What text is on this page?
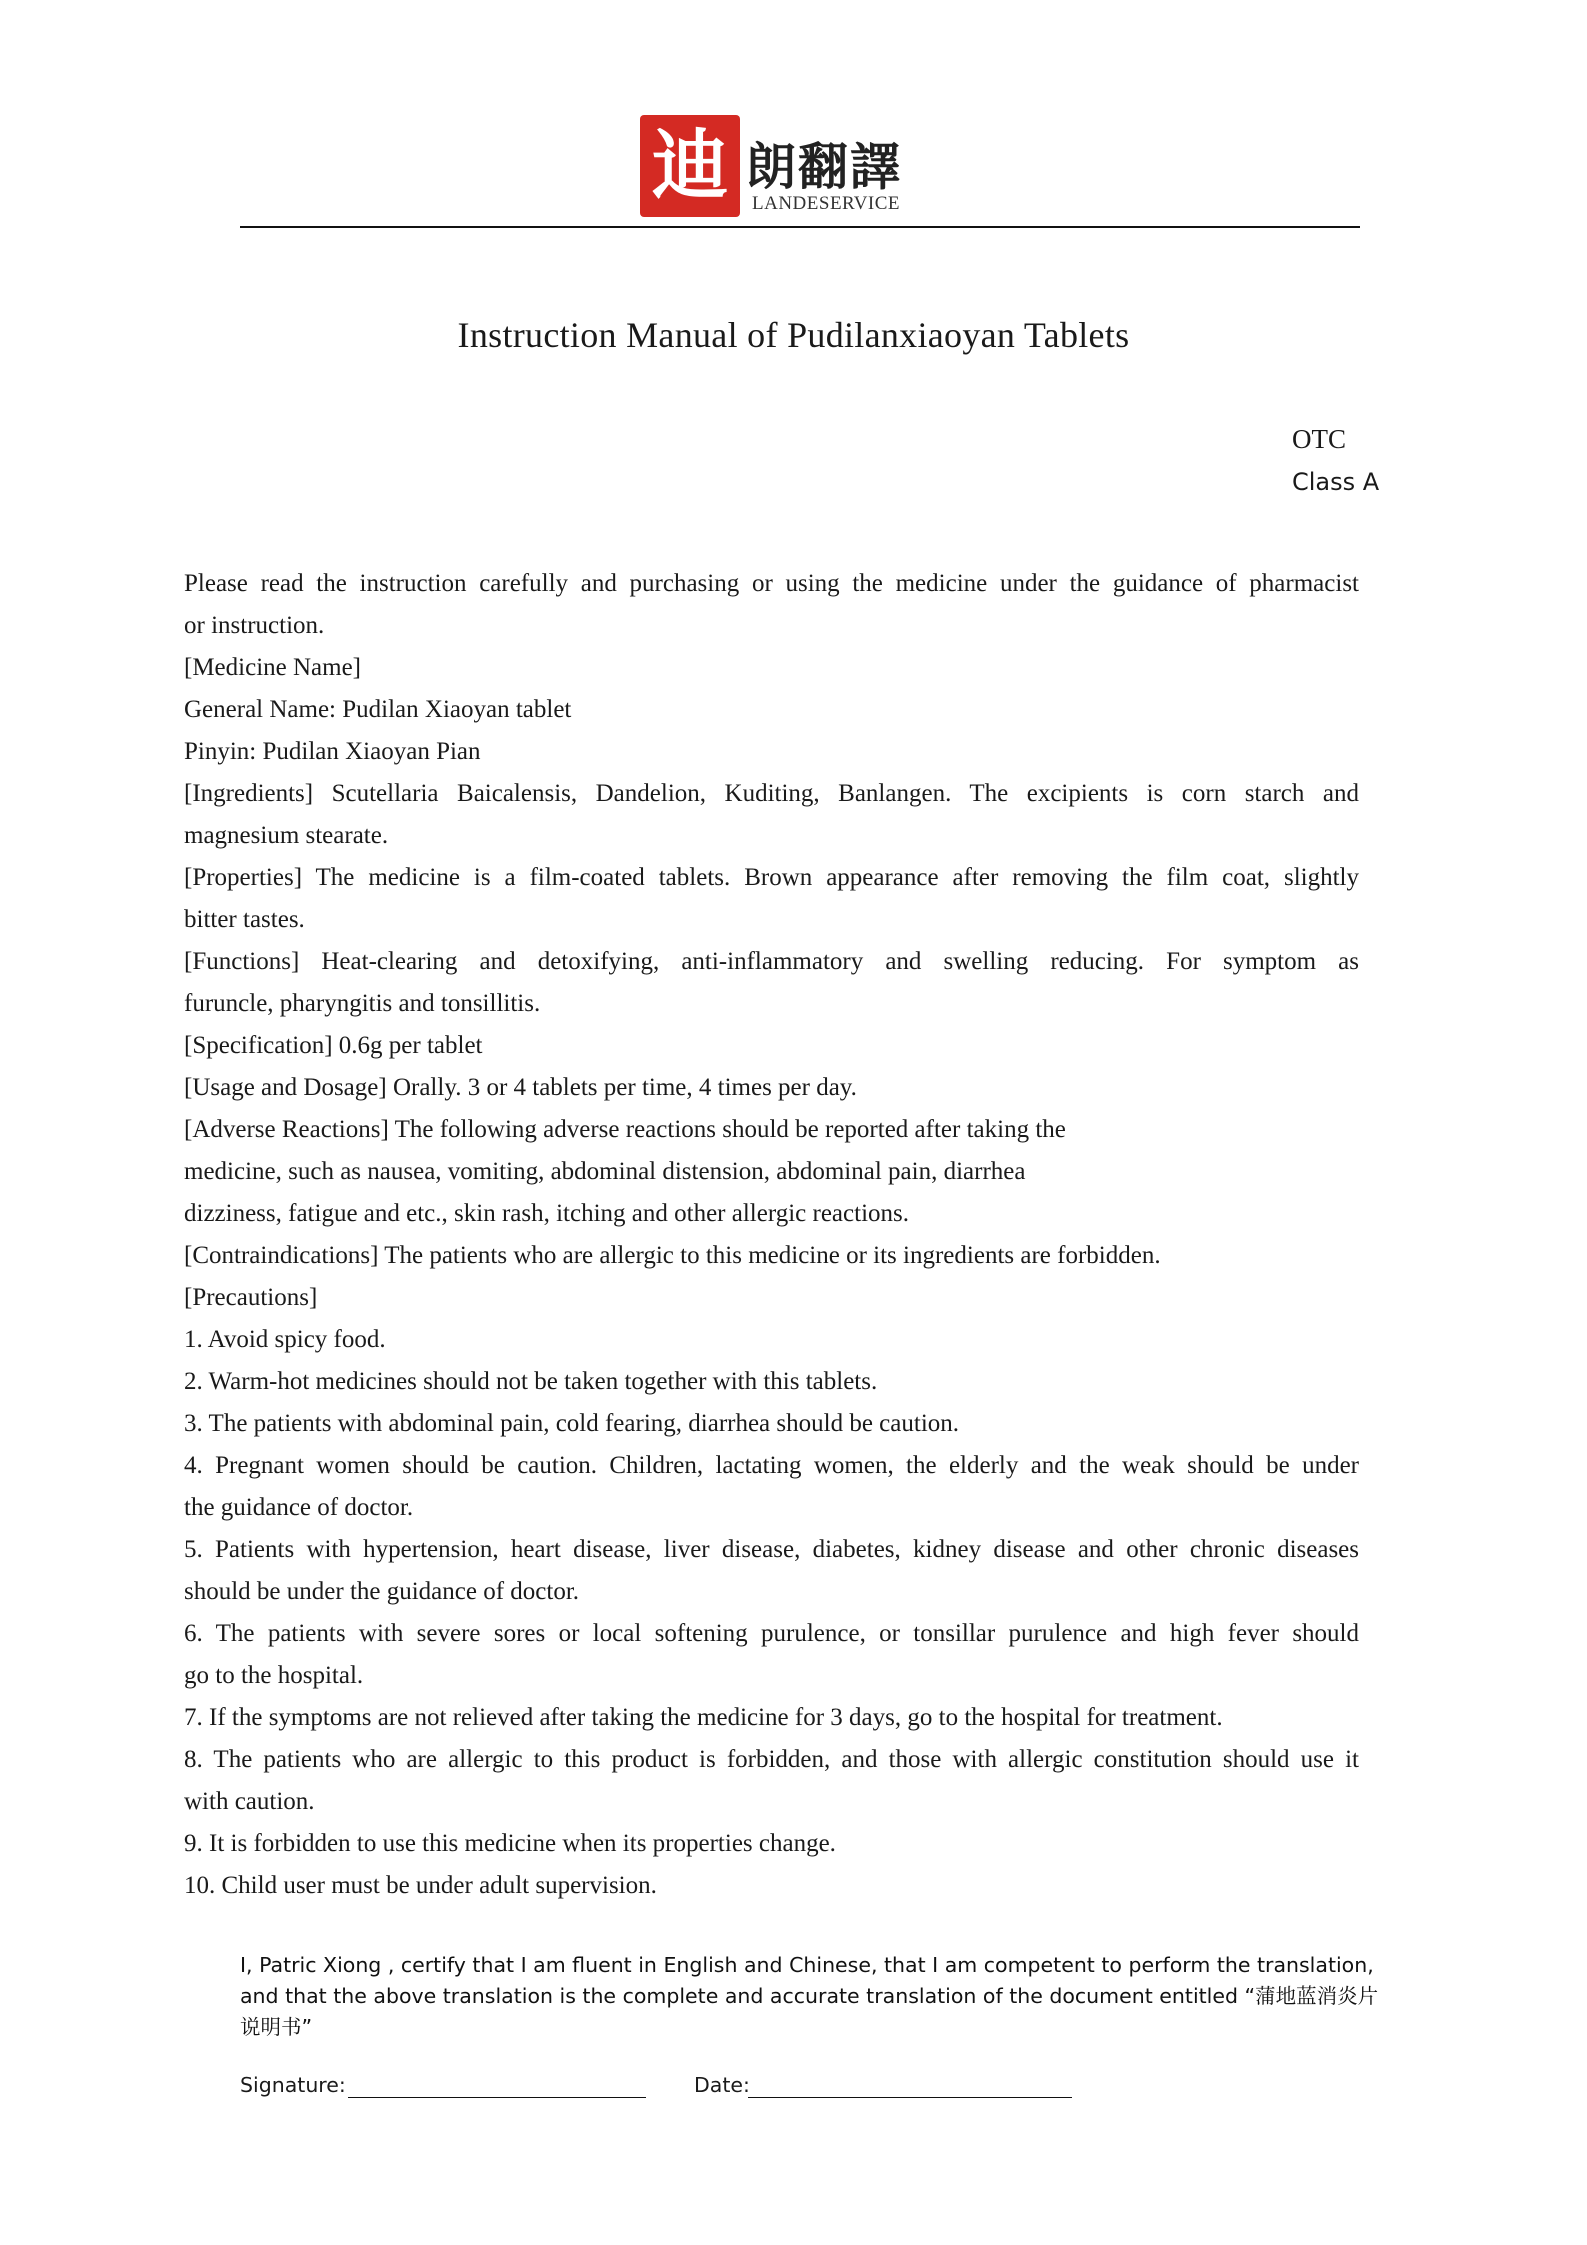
迪 朗翻譯
LANDESERVICE
Instruction Manual of Pudilanxiaoyan Tablets
OTC
Class A

Please read the instruction carefully and purchasing or using the medicine under the guidance of pharmacist

or instruction.

[Medicine Name]

General Name: Pudilan Xiaoyan tablet

Pinyin: Pudilan Xiaoyan Pian

[Ingredients] Scutellaria Baicalensis, Dandelion, Kuditing, Banlangen. The excipients is corn starch and

magnesium stearate.

[Properties] The medicine is a film-coated tablets. Brown appearance after removing the film coat, slightly

bitter tastes.

[Functions] Heat-clearing and detoxifying, anti-inflammatory and swelling reducing. For symptom as

furuncle, pharyngitis and tonsillitis.

[Specification] 0.6g per tablet

[Usage and Dosage] Orally. 3 or 4 tablets per time, 4 times per day.

[Adverse Reactions] The following adverse reactions should be reported after taking the

medicine, such as nausea, vomiting, abdominal distension, abdominal pain, diarrhea

dizziness, fatigue and etc., skin rash, itching and other allergic reactions.

[Contraindications] The patients who are allergic to this medicine or its ingredients are forbidden.

[Precautions]

1. Avoid spicy food.

2. Warm-hot medicines should not be taken together with this tablets.

3. The patients with abdominal pain, cold fearing, diarrhea should be caution.

4. Pregnant women should be caution. Children, lactating women, the elderly and the weak should be under

the guidance of doctor.

5. Patients with hypertension, heart disease, liver disease, diabetes, kidney disease and other chronic diseases

should be under the guidance of doctor.

6. The patients with severe sores or local softening purulence, or tonsillar purulence and high fever should

go to the hospital.

7. If the symptoms are not relieved after taking the medicine for 3 days, go to the hospital for treatment.

8. The patients who are allergic to this product is forbidden, and those with allergic constitution should use it

with caution.

9. It is forbidden to use this medicine when its properties change.

10. Child user must be under adult supervision.

I, Patric Xiong , certify that I am fluent in English and Chinese, that I am competent to perform the translation,

and that the above translation is the complete and accurate translation of the document entitled “蒲地蓝消炎片

说明书”

Signature:	Date:
